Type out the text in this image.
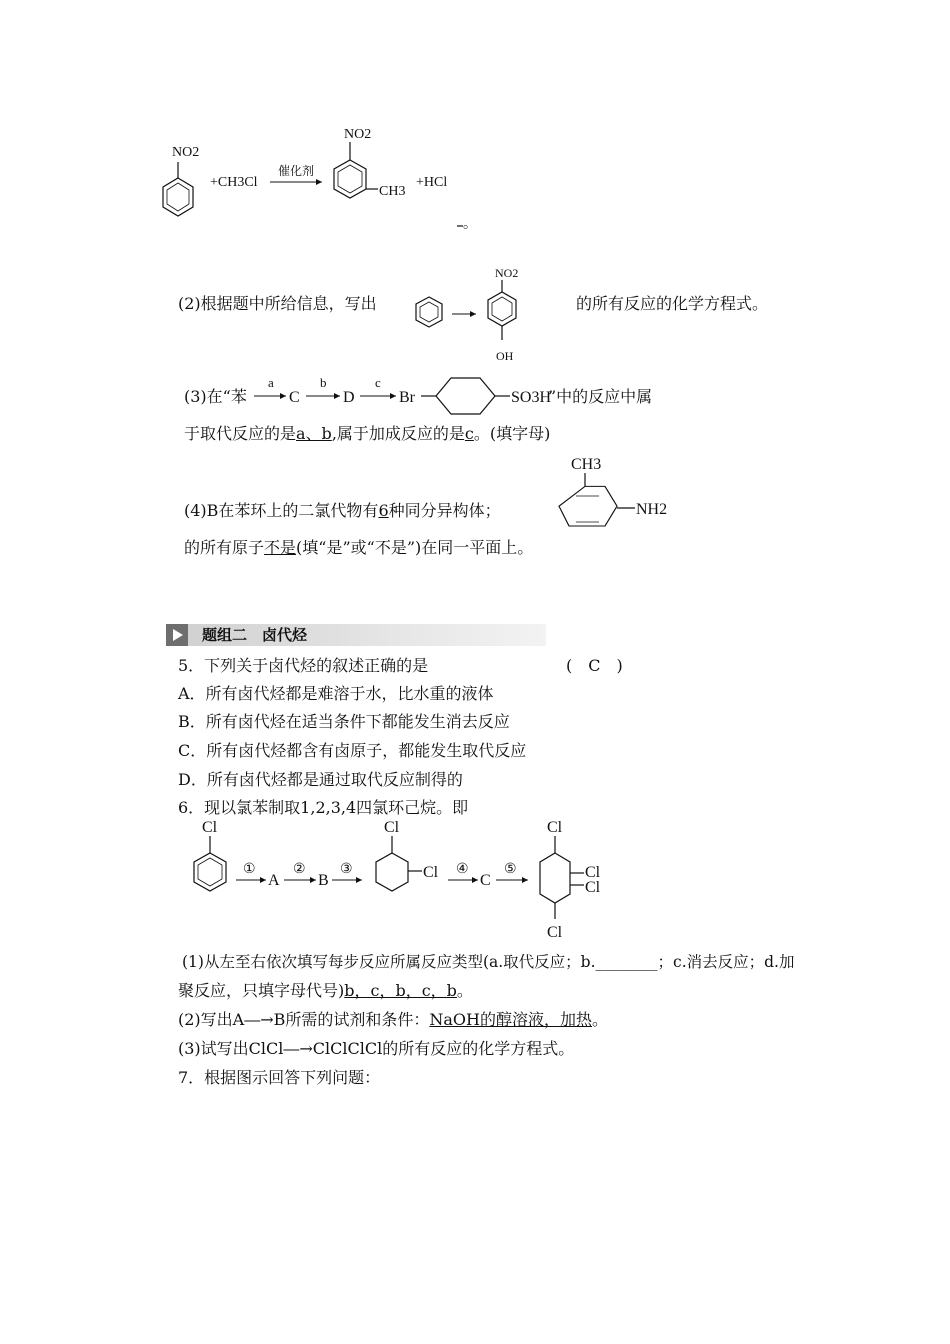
NO2
+CH3Cl
催化剂
NO2
CH3
+HCl
。
(2)根据题中所给信息，写出
NO2
OH
的所有反应的化学方程式。
(3)在“苯
a
C
b
D
c
Br	SO3H
”中的反应中属
于取代反应的是a、b,属于加成反应的是c。(填字母)
(4)B在苯环上的二氯代物有6种同分异构体；
CH3
NH2
的所有原子不是(填“是”或“不是”)在同一平面上。
题组二　卤代烃
5．下列关于卤代烃的叙述正确的是	(　C　)
A．所有卤代烃都是难溶于水，比水重的液体
B．所有卤代烃在适当条件下都能发生消去反应
C．所有卤代烃都含有卤原子，都能发生取代反应
D．所有卤代烃都是通过取代反应制得的
6．现以氯苯制取1,2,3,4四氯环己烷。即
Cl
①
A
②
B
③
Cl
Cl ④
C
⑤
Cl
Cl
Cl
Cl
(1)从左至右依次填写每步反应所属反应类型(a.取代反应；b.________；c.消去反应；d.加
聚反应，只填字母代号)b，c，b，c，b。
(2)写出A―→B所需的试剂和条件：NaOH的醇溶液，加热。
(3)试写出ClCl―→ClClClCl的所有反应的化学方程式。
7．根据图示回答下列问题：
